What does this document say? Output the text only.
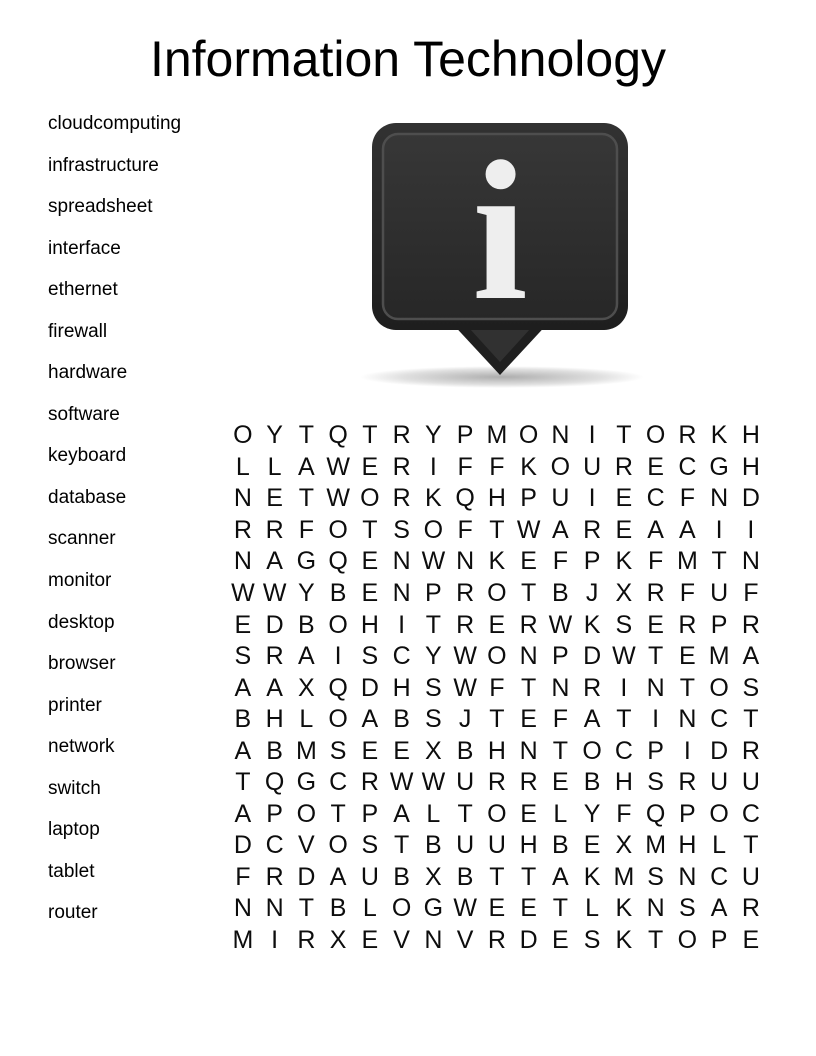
Information Technology
cloudcomputing
infrastructure
spreadsheet
interface
ethernet
firewall
hardware
software
keyboard
database
scanner
monitor
desktop
browser
printer
network
switch
laptop
tablet
router
i
O Y T Q T R Y P M O N I T O R K H
L L A W E R I F F K O U R E C G H
N E T W O R K Q H P U I E C F N D
R R F O T S O F T W A R E A A I I
N A G Q E N W N K E F P K F M T N
W W Y B E N P R O T B J X R F U F
E D B O H I T R E R W K S E R P R
S R A I S C Y W O N P D W T E M A
A A X Q D H S W F T N R I N T O S
B H L O A B S J T E F A T I N C T
A B M S E E X B H N T O C P I D R
T Q G C R W W U R R E B H S R U U
A P O T P A L T O E L Y F Q P O C
D C V O S T B U U H B E X M H L T
F R D A U B X B T T A K M S N C U
N N T B L O G W E E T L K N S A R
M I R X E V N V R D E S K T O P E
